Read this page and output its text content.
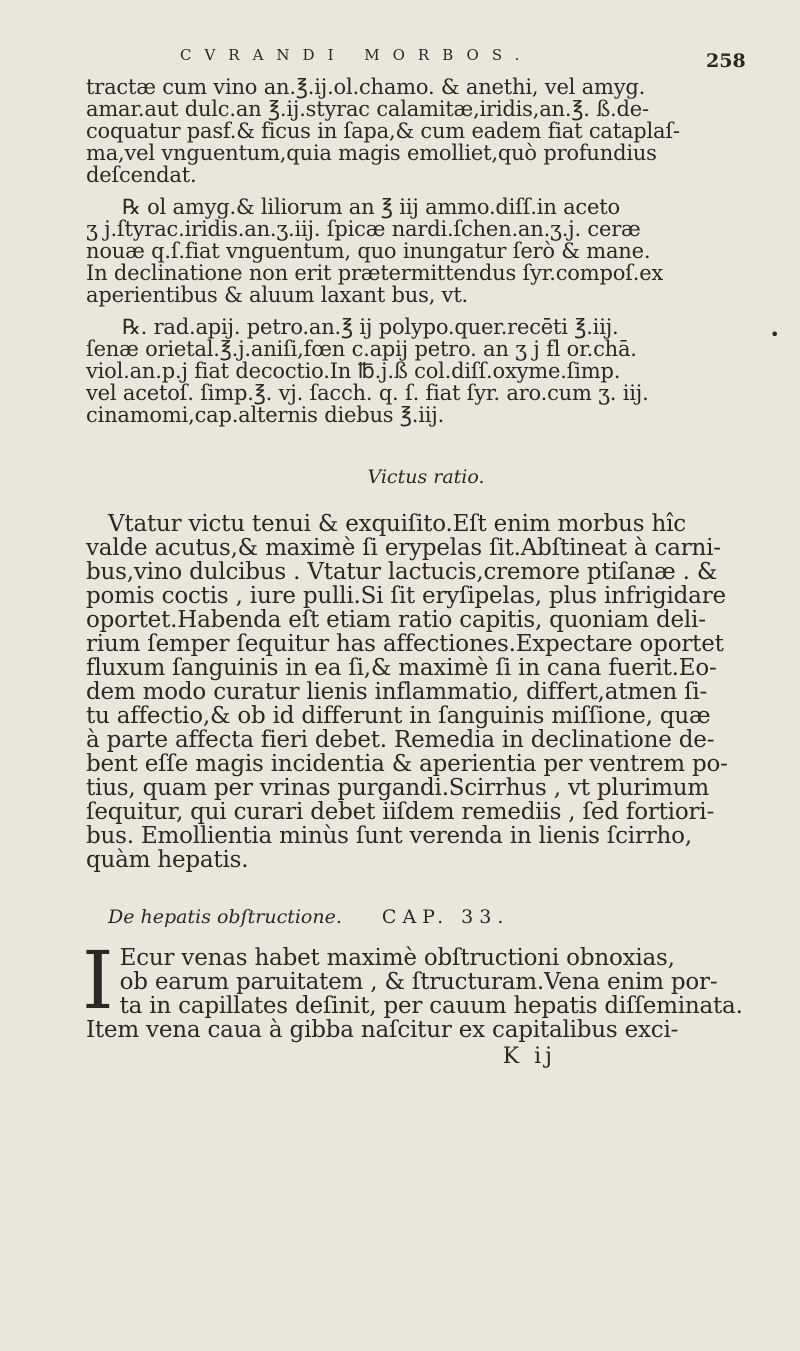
CVRANDI MORBOS.	258
•
tractæ cum vino an.℥.ij.ol.chamo. & anethi, vel amyg.
amar.aut dulc.an ℥.ij.styrac calamitæ,iridis,an.℥. ß.de-
coquatur pasf.& ficus in ſapa,& cum eadem fiat cataplaſ-
ma,vel vnguentum,quia magis emolliet,quò profundius
deſcendat.
℞ ol amyg.& liliorum an ℥ iij ammo.diſſ.in aceto
ʒ j.ſtyrac.iridis.an.ʒ.iij. ſpicæ nardi.ſchen.an.ʒ.j. ceræ
nouæ q.ſ.fiat vnguentum, quo inungatur ſerò & mane.
In declinatione non erit prætermittendus ſyr.compoſ.ex
aperientibus & aluum laxant bus, vt.
℞. rad.apij. petro.an.℥ ij polypo.quer.recēti ℥.iij.
ſenæ orietal.℥.j.aniſi,fœn c.apij petro. an ʒ j fl or.chā.
viol.an.p.j fiat decoctio.In ℔.j.ß col.diſſ.oxyme.ſimp.
vel acetoſ. ſimp.℥. vj. ſacch. q. ſ. fiat ſyr. aro.cum ʒ. iij.
cinamomi,cap.alternis diebus ℥.iij.
Victus ratio.
Vtatur victu tenui & exquiſito.Eſt enim morbus hîc
valde acutus,& maximè ſi erypelas ſit.Abſtineat à carni-
bus,vino dulcibus . Vtatur lactucis,cremore ptiſanæ . &
pomis coctis , iure pulli.Si ſit eryſipelas, plus infrigidare
oportet.Habenda eſt etiam ratio capitis, quoniam deli-
rium ſemper ſequitur has affectiones.Expectare oportet
fluxum ſanguinis in ea ſi,& maximè ſi in cana fuerit.Eo-
dem modo curatur lienis inflammatio, differt,atmen ſi-
tu affectio,& ob id differunt in ſanguinis miſſione, quæ
à parte affecta fieri debet. Remedia in declinatione de-
bent eſſe magis incidentia & aperientia per ventrem po-
tius, quam per vrinas purgandi.Scirrhus , vt plurimum
ſequitur, qui curari debet iiſdem remediis , ſed fortiori-
bus. Emollientia minùs ſunt verenda in lienis ſcirrho,
quàm hepatis.
De hepatis obſtructione. CAP. 33.
I Ecur venas habet maximè obſtructioni obnoxias,
ob earum paruitatem , & ſtructuram.Vena enim por-
ta in capillates deſinit, per cauum hepatis diſſeminata.
Item vena caua à gibba naſcitur ex capitalibus exci-
K ij
